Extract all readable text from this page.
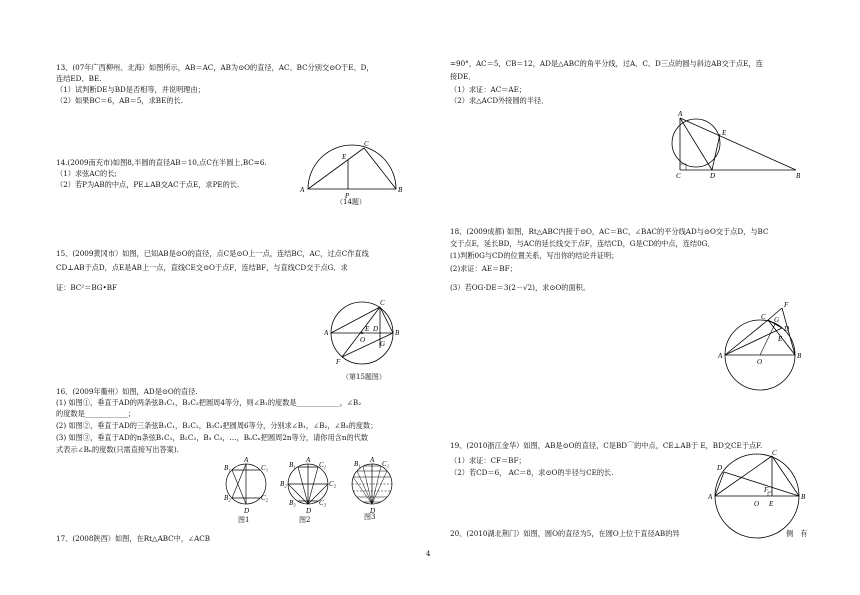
13、(07年广西柳州、北海）如图所示，AB＝AC，AB为⊙O的直径，AC、BC分别交⊙O于E、D，
连结ED、BE.
（1）试判断DE与BD是否相等，并说明理由；
（2）如果BC＝6，AB＝5，求BE的长.
14.(2009南充市)如图8,半圆的直径AB＝10,点C在半圆上,BC=6.
（1）求弦AC的长;
（2）若P为AB的中点，PE⊥AB交AC于点E，求PE的长.
A	B
C
E
P
（14题）
15、(2009黄冈市）如图，已知AB是⊙O的直径，点C是⊙O上一点，连结BC，AC，过点C作直线
CD⊥AB于点D，点E是AB上一点，直线CE交⊙O于点F，连结BF，与直线CD交于点G．求
证：BC²＝BG•BF
A	B
C
D
E
F
G
O
（第15题图）
16、(2009年衢州）如图，AD是⊙O的直径.
(1) 如图①，垂直于AD的两条弦B₁C₁，B₂C₂把圆周4等分，则∠B₁的度数是____________，∠B₂
的度数是____________；
(2) 如图②，垂直于AD的三条弦B₁C₁，B₂C₂，B₃C₃把圆周6等分，分别求∠B₁，∠B₂，∠B₃的度数；
(3) 如图③，垂直于AD的n条弦B₁C₁，B₂C₂，B₃ C₃，…，BₙCₙ把圆周2n等分，请你用含n的代数
式表示∠Bₙ的度数(只需直接写出答案).
A
D
B₁	C₁
B₂	C₂
A
D
B₁	C₁
B₂	C₂
B₃	C₃
A
D
B₁	C₁
图1	图2	图3
17、(2008陕西）如图，在Rt△ABC中，∠ACB
=90°，AC＝5，CB＝12，AD是△ABC的角平分线，过A、C、D三点的圆与斜边AB交于点E，连
接DE．
（1）求证：AC＝AE；
（2）求△ACD外接圆的半径．
A
B
C	D
E
18、(2009成都) 如图，Rt△ABC内接于⊙O，AC＝BC，∠BAC的平分线AD与⊙O交于点D，与BC
交于点E，延长BD，与AC的延长线交于点F，连结CD，G是CD的中点，连结0G．
(1)判断0G与CD的位置关系，写出你的结论并证明；
(2)求证：AE＝BF；
(3）若OG·DE＝3(2－√2)，求⊙O的面积。
A	B
C
D
E
F
G
O
19、(2010浙江金华）如图，AB是⊙O的直径，C是BD⌒的中点，CE⊥AB于 E，BD交CE于点F.
（1）求证：CF＝BF；
（2）若CD＝6， AC＝8，求⊙O的半径与CE的长.
A	B
C
D
E
F
O
20、(2010湖北荆门）如图，圆O的直径为5，在圆O上位于直径AB的异	侧　有
4
